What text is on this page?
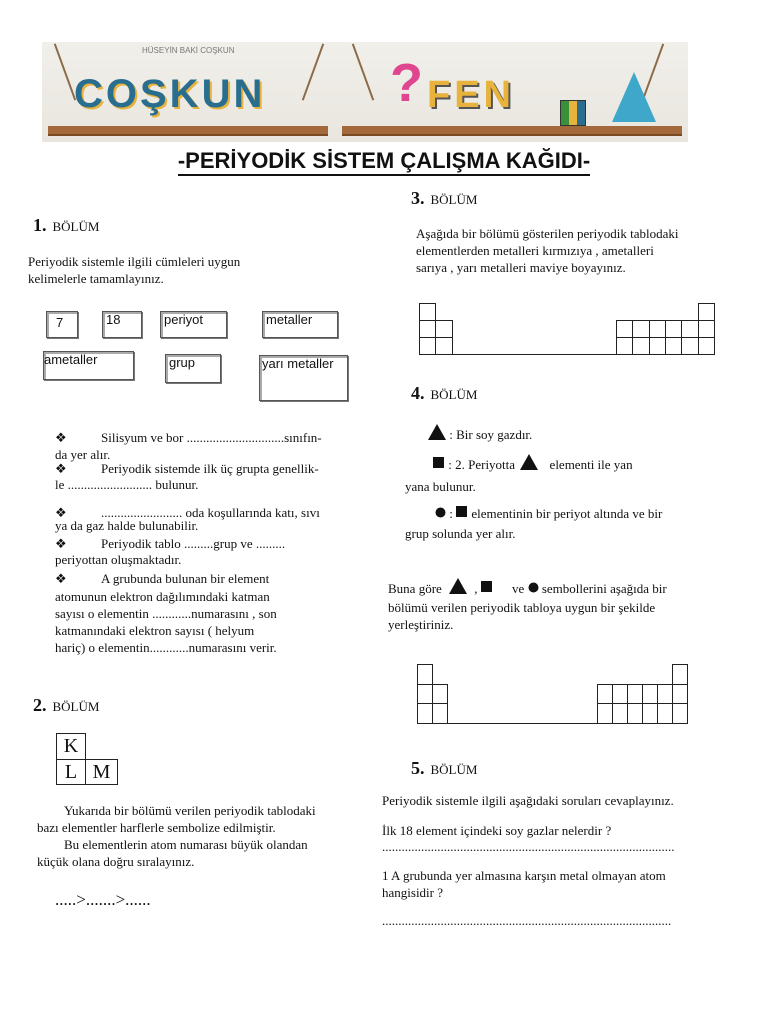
HÜSEYİN BAKİ COŞKUN
COŞKUN ? FEN
-PERİYODİK SİSTEM ÇALIŞMA KAĞIDI-
1. BÖLÜM
Periyodik sistemle ilgili cümleleri uygun
kelimelerle tamamlayınız.
7	18	periyot	metaller
ametaller	grup	yarı metaller
❖ Silisyum ve bor ..............................sınıfın-
da yer alır.
❖ Periyodik sistemde ilk üç grupta genellik-
le .......................... bulunur.
❖ ......................... oda koşullarında katı, sıvı
ya da gaz halde bulunabilir.
❖ Periyodik tablo .........grup ve .........
periyottan oluşmaktadır.
❖ A grubunda bulunan bir element
atomunun elektron dağılımındaki katman
sayısı o elementin ............numarasını , son
katmanındaki elektron sayısı ( helyum
hariç) o elementin............numarasını verir.
2. BÖLÜM
K
L M
Yukarıda bir bölümü verilen periyodik tablodaki
bazı elementler harflerle sembolize edilmiştir.
Bu elementlerin atom numarası büyük olandan
küçük olana doğru sıralayınız.
.....>.......>......
3. BÖLÜM
Aşağıda bir bölümü gösterilen periyodik tablodaki
elementlerden metalleri kırmızıya , ametalleri
sarıya , yarı metalleri maviye boyayınız.
4. BÖLÜM
: Bir soy gazdır.
: 2. Periyotta	elementi ile yan
yana bulunur.
: elementinin bir periyot altında ve bir
grup solunda yer alır.
Buna göre	,	ve sembollerini aşağıda bir
bölümü verilen periyodik tabloya uygun bir şekilde
yerleştiriniz.
5. BÖLÜM
Periyodik sistemle ilgili aşağıdaki soruları cevaplayınız.
İlk 18 element içindeki soy gazlar nelerdir ?
..........................................................................................
1 A grubunda yer almasına karşın metal olmayan atom
hangisidir ?
.........................................................................................
